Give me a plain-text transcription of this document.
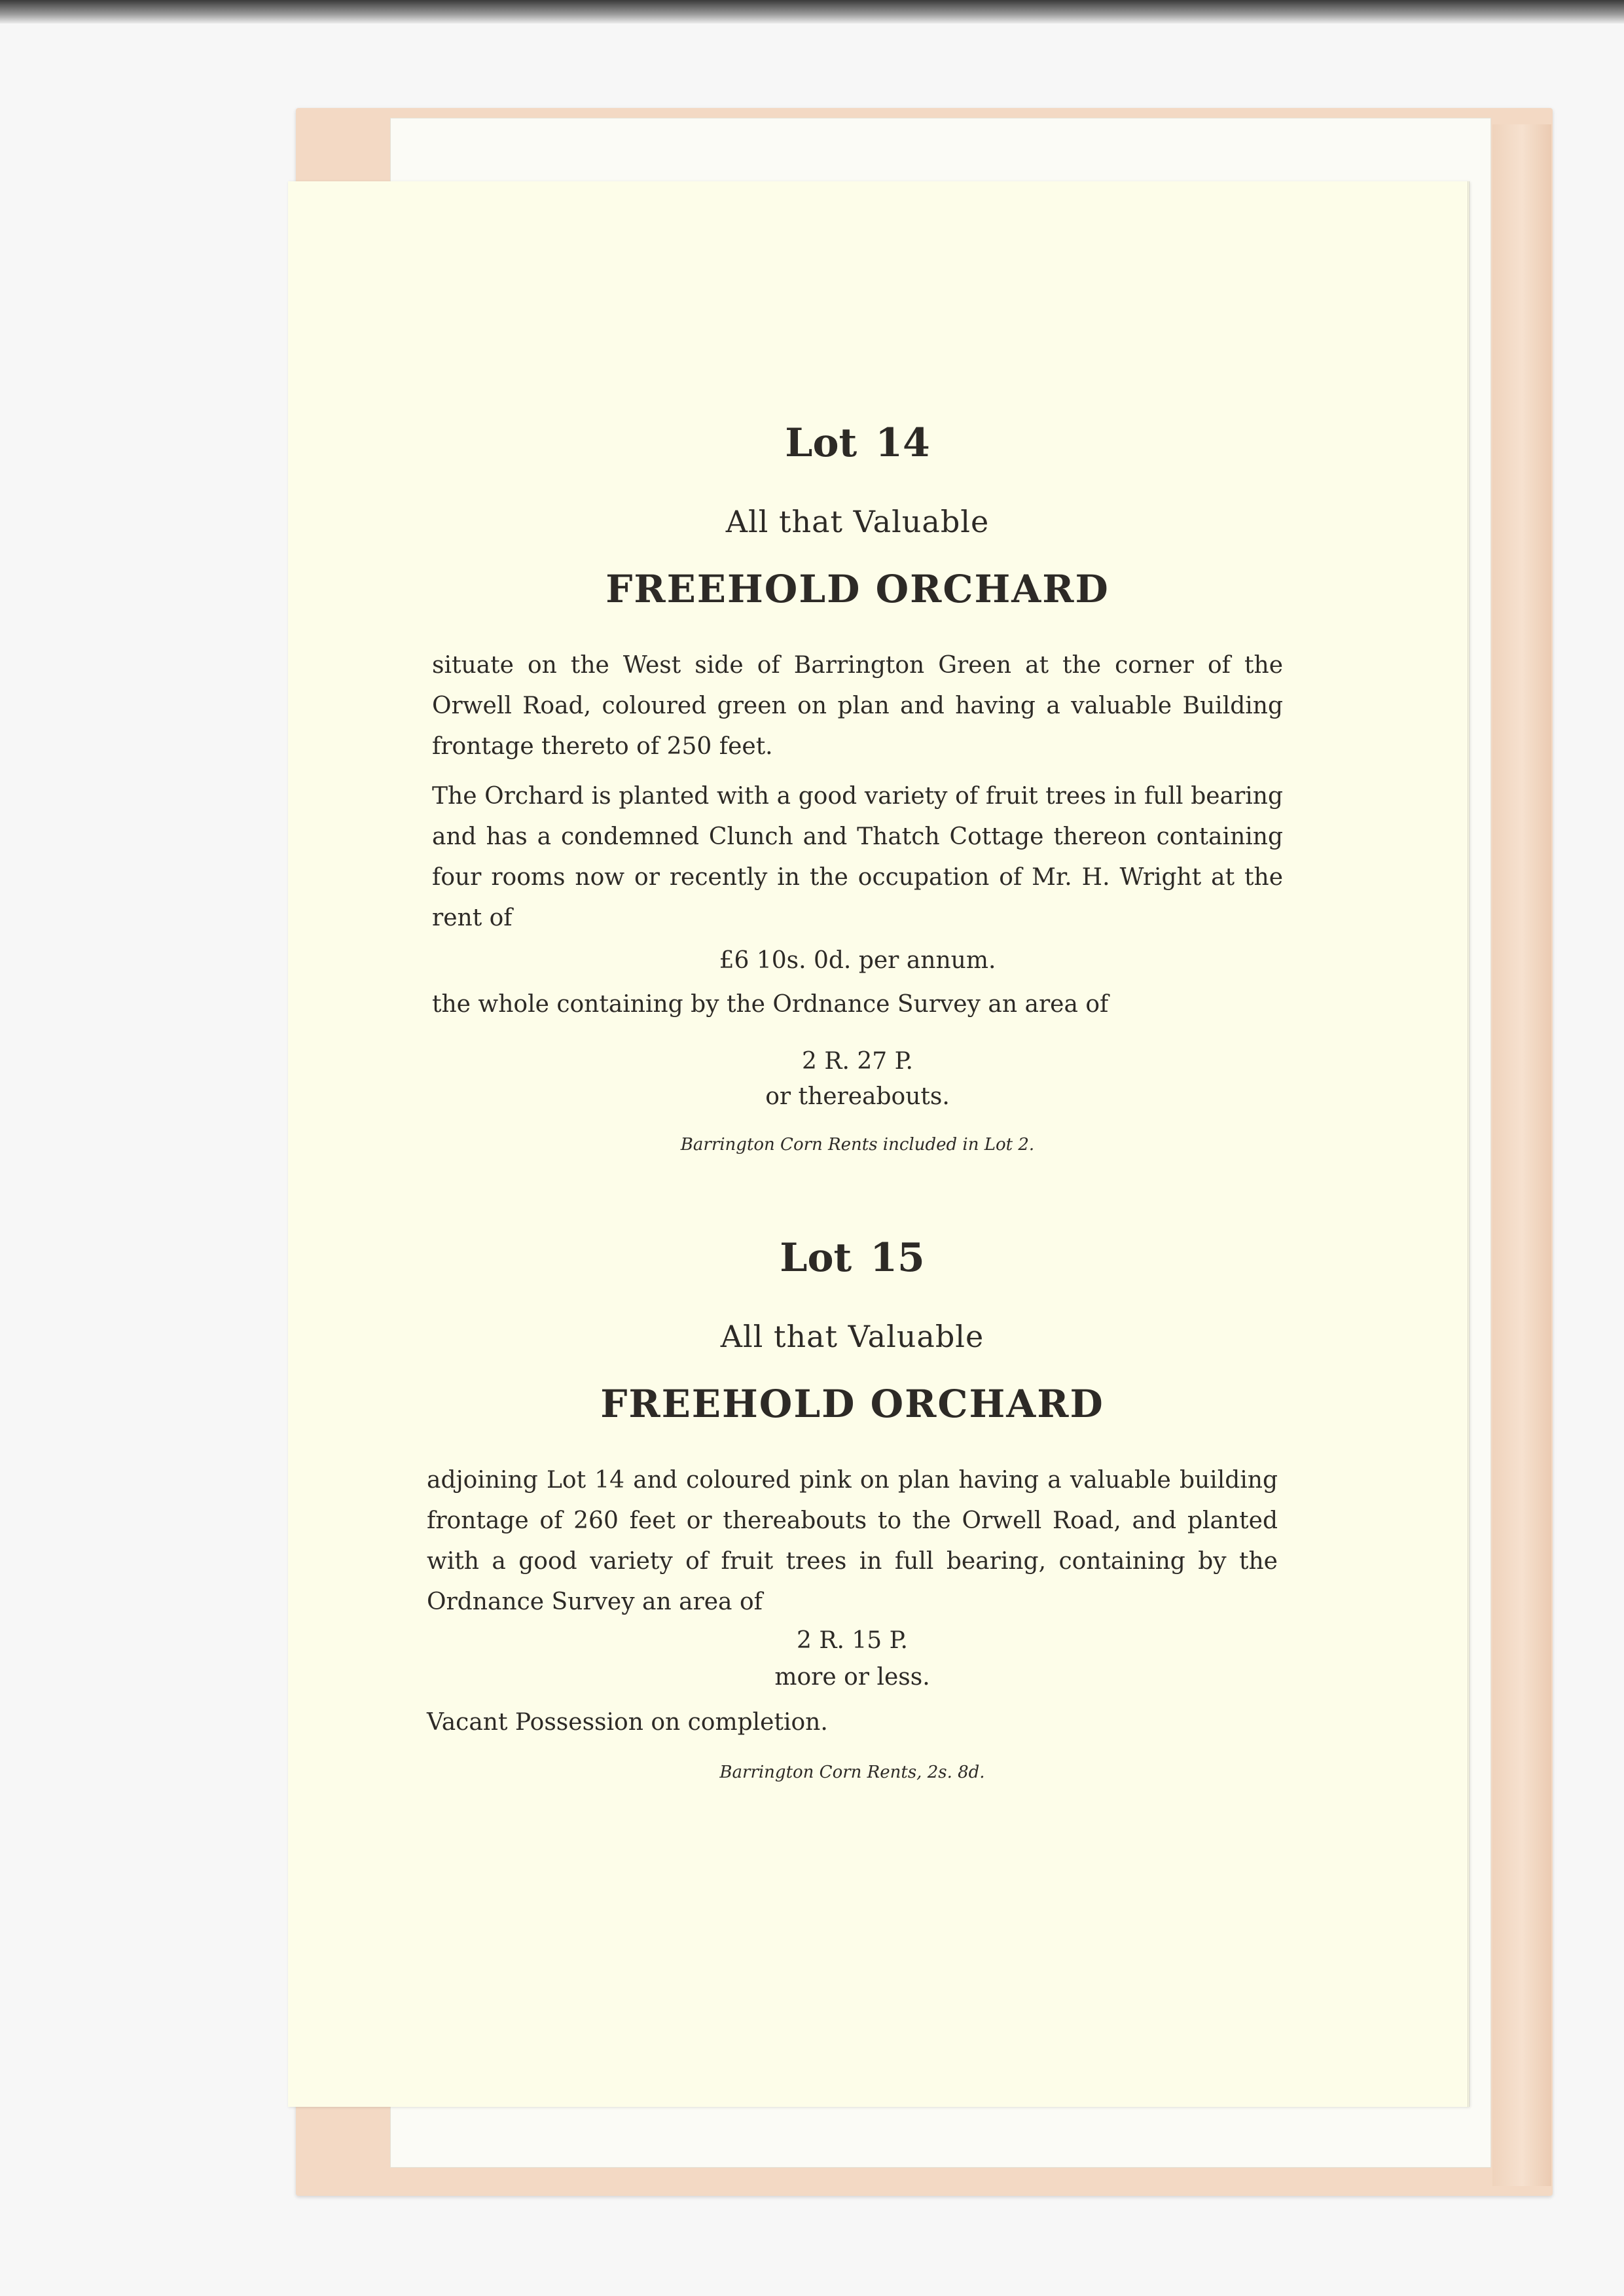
Lot 14

All that Valuable

FREEHOLD ORCHARD

situate on the West side of Barrington Green at the corner of the Orwell Road, coloured green on plan and having a valuable Building frontage thereto of 250 feet.

The Orchard is planted with a good variety of fruit trees in full bearing and has a condemned Clunch and Thatch Cottage thereon containing four rooms now or recently in the occupation of Mr. H. Wright at the rent of

£6 10s. 0d. per annum.

the whole containing by the Ordnance Survey an area of

2 R. 27 P.

or thereabouts.

Barrington Corn Rents included in Lot 2.

Lot 15

All that Valuable

FREEHOLD ORCHARD

adjoining Lot 14 and coloured pink on plan having a valuable building frontage of 260 feet or thereabouts to the Orwell Road, and planted with a good variety of fruit trees in full bearing, containing by the Ordnance Survey an area of

2 R. 15 P.

more or less.

Vacant Possession on completion.

Barrington Corn Rents, 2s. 8d.
